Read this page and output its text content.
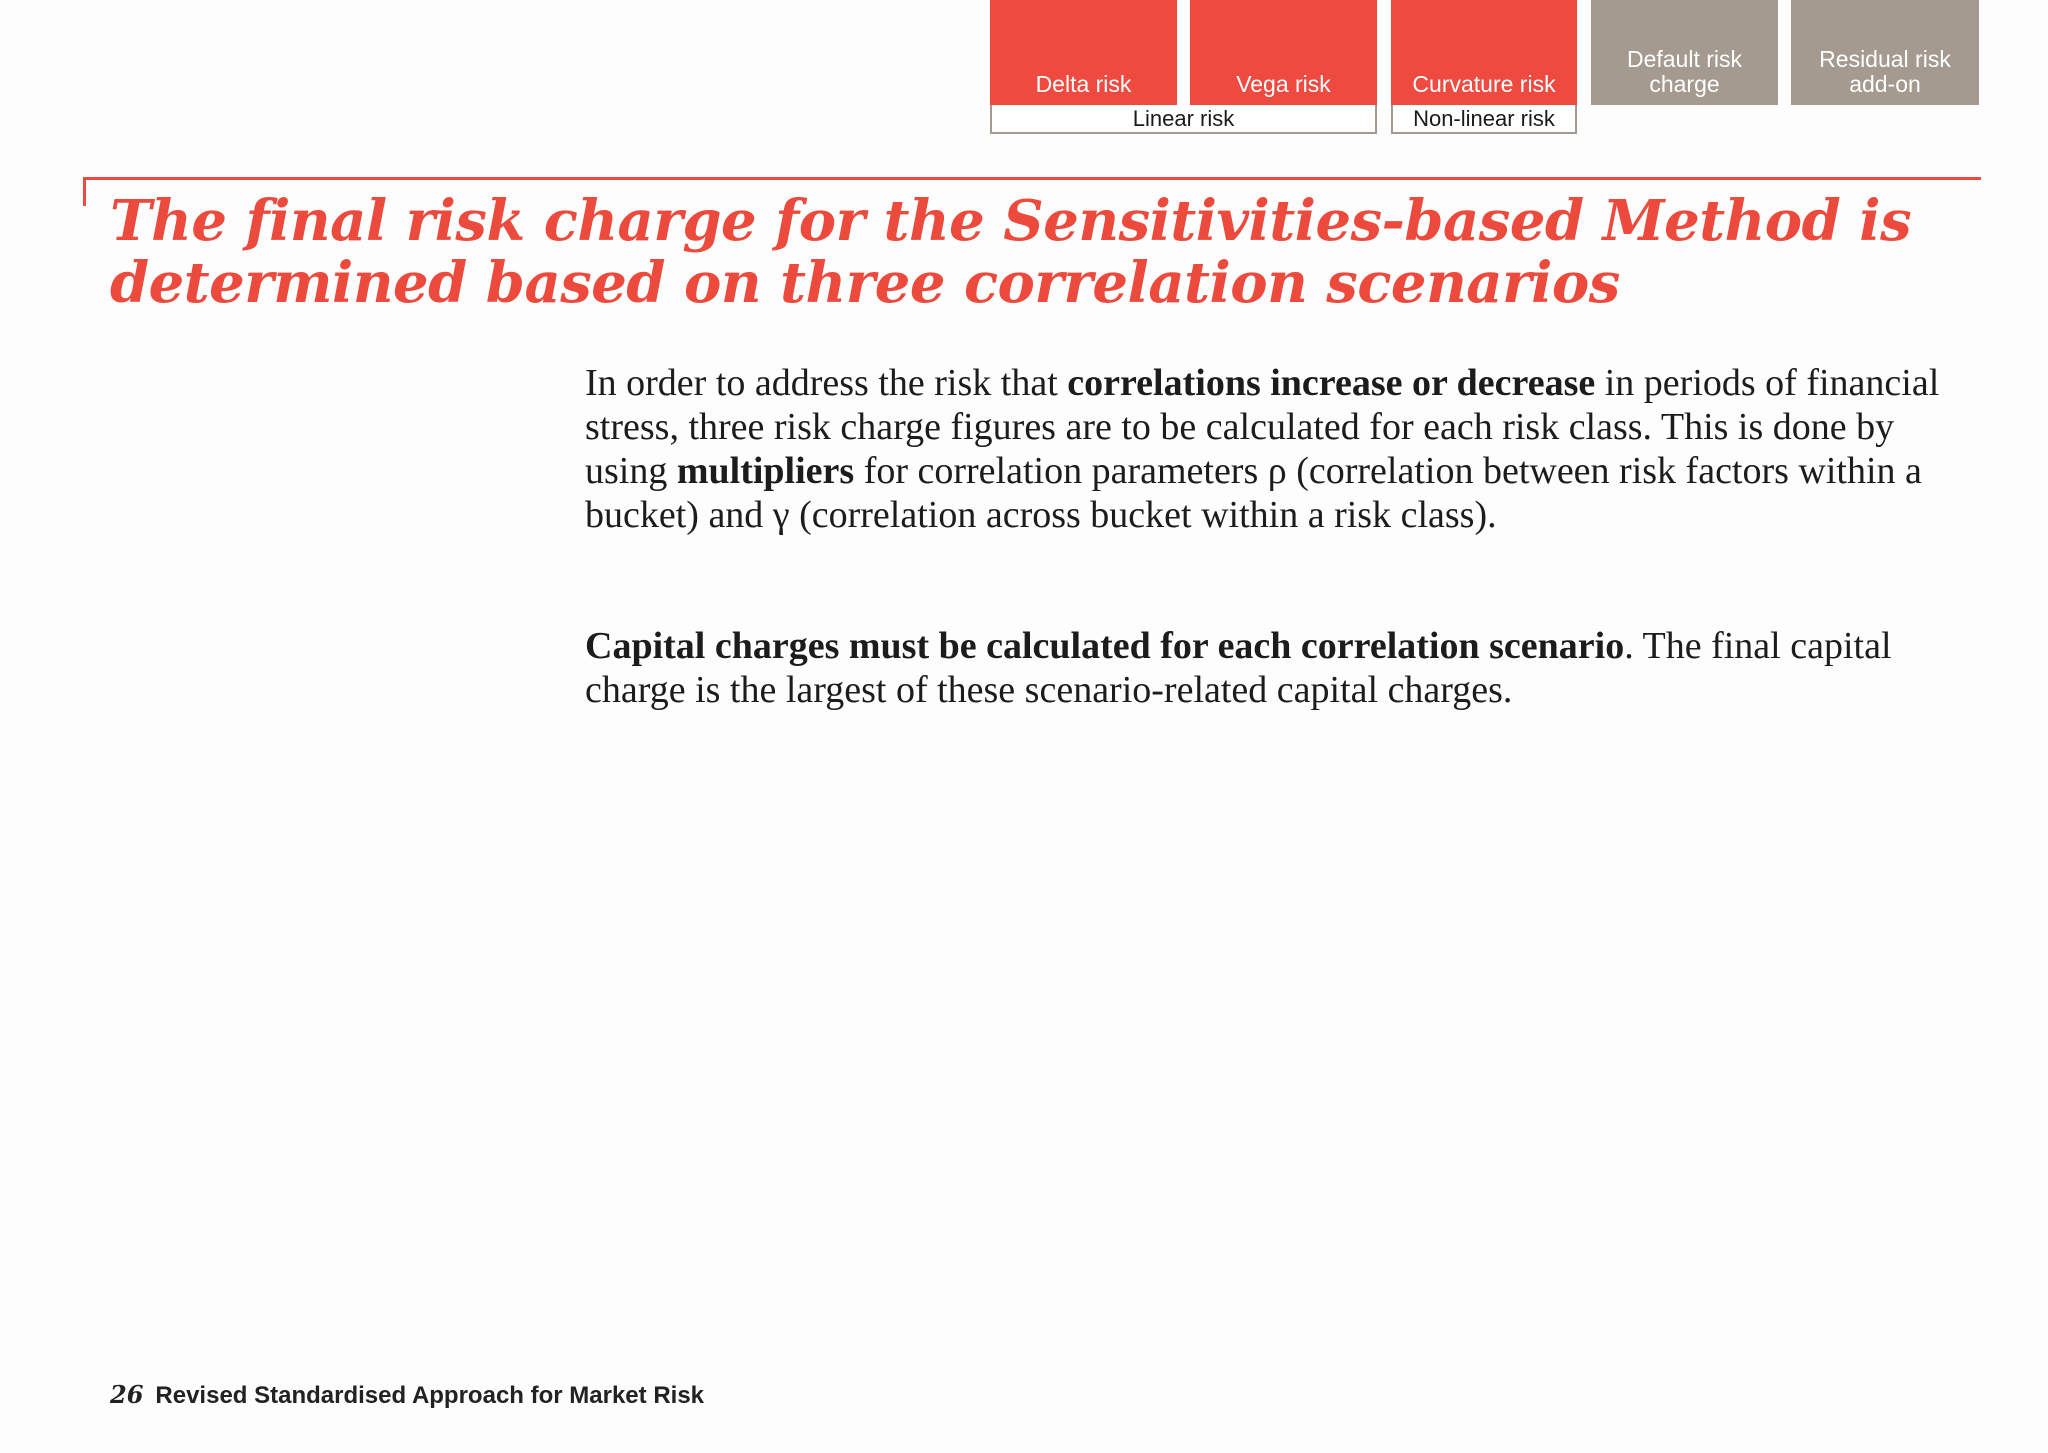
Delta risk	Vega risk	Curvature risk
Default risk
charge
Residual risk
add-on
Linear risk	Non-linear risk
The final risk charge for the Sensitivities-based Method is
determined based on three correlation scenarios

In order to address the risk that correlations increase or decrease in periods of financial stress, three risk charge figures are to be calculated for each risk class. This is done by using multipliers for correlation parameters ρ (correlation between risk factors within a bucket) and γ (correlation across bucket within a risk class).

Capital charges must be calculated for each correlation scenario. The final capital charge is the largest of these scenario-related capital charges.

26 Revised Standardised Approach for Market Risk
